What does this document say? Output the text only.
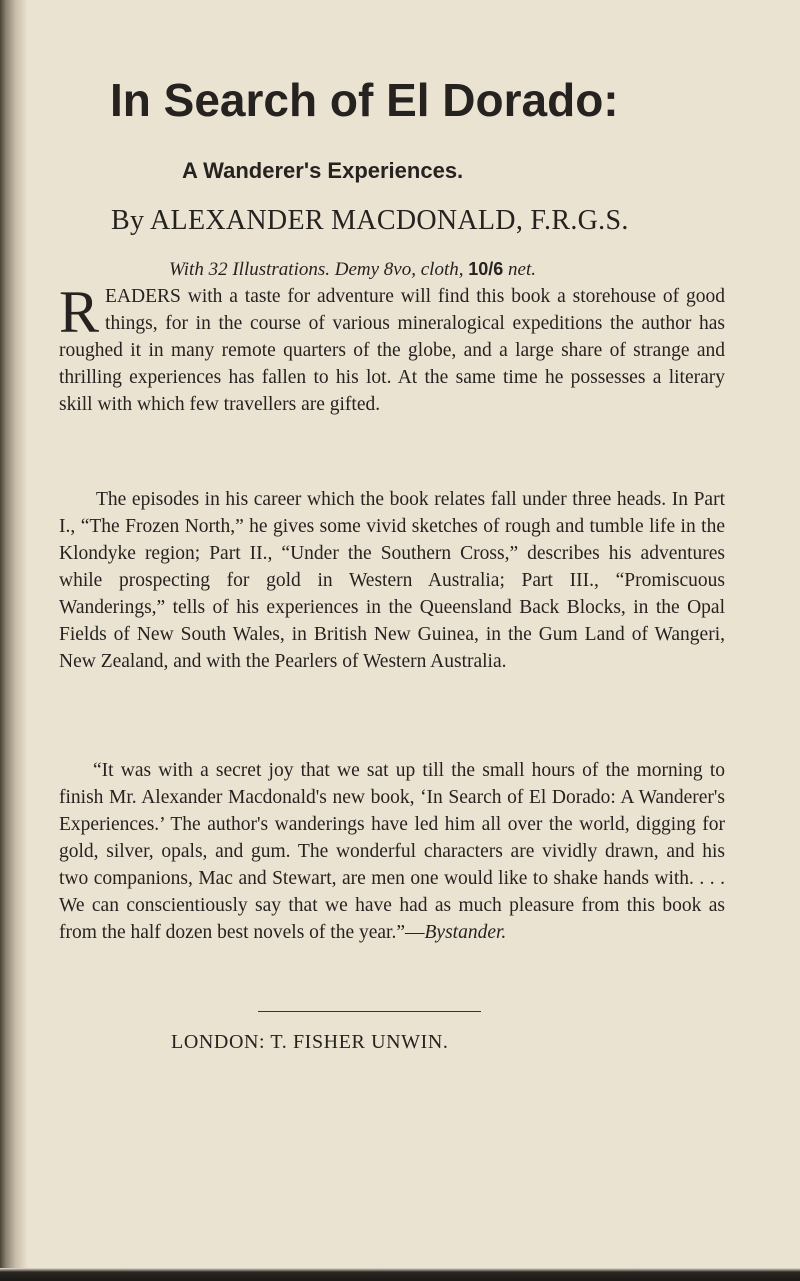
In Search of El Dorado:
A Wanderer's Experiences.

By ALEXANDER MACDONALD, F.R.G.S.

With 32 Illustrations. Demy 8vo, cloth, 10/6 net.

READERS with a taste for adventure will find this book a storehouse of good things, for in the course of various mineralogical expeditions the author has roughed it in many remote quarters of the globe, and a large share of strange and thrilling experiences has fallen to his lot. At the same time he possesses a literary skill with which few travellers are gifted.

The episodes in his career which the book relates fall under three heads. In Part I., “The Frozen North,” he gives some vivid sketches of rough and tumble life in the Klondyke region; Part II., “Under the Southern Cross,” describes his adventures while prospecting for gold in Western Australia; Part III., “Promiscuous Wanderings,” tells of his experiences in the Queensland Back Blocks, in the Opal Fields of New South Wales, in British New Guinea, in the Gum Land of Wangeri, New Zealand, and with the Pearlers of Western Australia.

“It was with a secret joy that we sat up till the small hours of the morning to finish Mr. Alexander Macdonald's new book, ‘In Search of El Dorado: A Wanderer's Experiences.’ The author's wanderings have led him all over the world, digging for gold, silver, opals, and gum. The wonderful characters are vividly drawn, and his two companions, Mac and Stewart, are men one would like to shake hands with. . . . We can conscientiously say that we have had as much pleasure from this book as from the half dozen best novels of the year.”—Bystander.

LONDON: T. FISHER UNWIN.
